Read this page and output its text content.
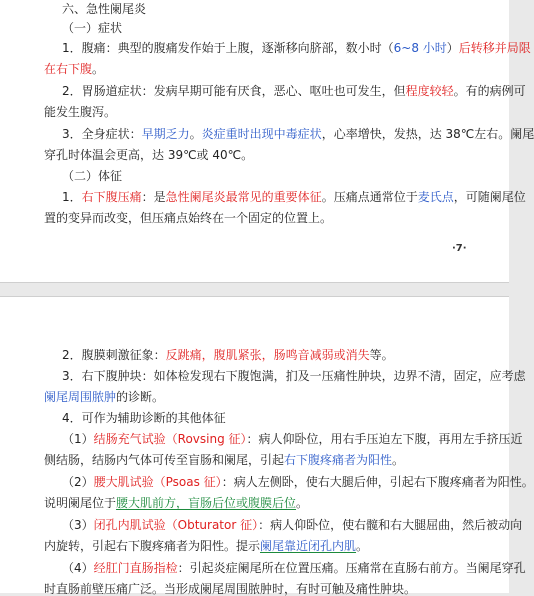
六、急性阑尾炎
（一）症状
1．腹痛：典型的腹痛发作始于上腹，逐渐移向脐部，数小时（6~8 小时）后转移并局限
在右下腹。
2．胃肠道症状：发病早期可能有厌食，恶心、呕吐也可发生，但程度较轻。有的病例可
能发生腹泻。
3．全身症状：早期乏力。炎症重时出现中毒症状，心率增快，发热，达 38℃左右。阑尾
穿孔时体温会更高，达 39℃或 40℃。
（二）体征
1．右下腹压痛：是急性阑尾炎最常见的重要体征。压痛点通常位于麦氏点，可随阑尾位
置的变异而改变，但压痛点始终在一个固定的位置上。
·7·
2．腹膜刺激征象：反跳痛，腹肌紧张，肠鸣音减弱或消失等。
3．右下腹肿块：如体检发现右下腹饱满，扪及一压痛性肿块，边界不清，固定，应考虑
阑尾周围脓肿的诊断。
4．可作为辅助诊断的其他体征
（1）结肠充气试验（Rovsing 征）：病人仰卧位，用右手压迫左下腹，再用左手挤压近
侧结肠，结肠内气体可传至盲肠和阑尾，引起右下腹疼痛者为阳性。
（2）腰大肌试验（Psoas 征）：病人左侧卧，使右大腿后伸，引起右下腹疼痛者为阳性。
说明阑尾位于腰大肌前方，盲肠后位或腹膜后位。
（3）闭孔内肌试验（Obturator 征）：病人仰卧位，使右髋和右大腿屈曲，然后被动向
内旋转，引起右下腹疼痛者为阳性。提示阑尾靠近闭孔内肌。
（4）经肛门直肠指检：引起炎症阑尾所在位置压痛。压痛常在直肠右前方。当阑尾穿孔
时直肠前壁压痛广泛。当形成阑尾周围脓肿时，有时可触及痛性肿块。
